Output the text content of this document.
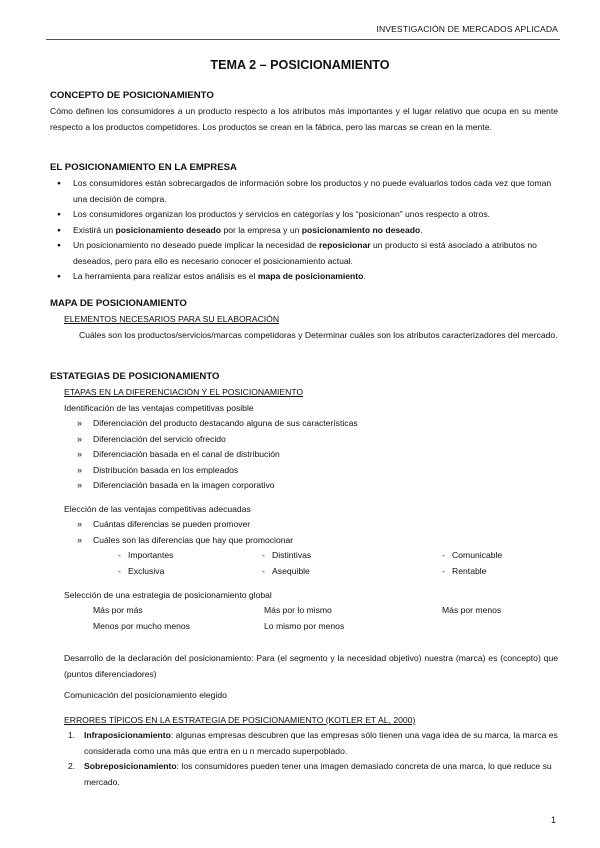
INVESTIGACIÓN DE MERCADOS APLICADA
TEMA 2 – POSICIONAMIENTO
CONCEPTO DE POSICIONAMIENTO
Cómo definen los consumidores a un producto respecto a los atributos más importantes y el lugar relativo que ocupa en su mente respecto a los productos competidores. Los productos se crean en la fábrica, pero las marcas se crean en la mente.
EL POSICIONAMIENTO EN LA EMPRESA
● Los consumidores están sobrecargados de información sobre los productos y no puede evaluarlos todos cada vez que toman una decisión de compra.
● Los consumidores organizan los productos y servicios en categorías y los “posicionan” unos respecto a otros.
● Existirá un posicionamiento deseado por la empresa y un posicionamiento no deseado.
● Un posicionamiento no deseado puede implicar la necesidad de reposicionar un producto si está asociado a atributos no deseados, pero para ello es necesario conocer el posicionamiento actual.
● La herramienta para realizar estos análisis es el mapa de posicionamiento.
MAPA DE POSICIONAMIENTO
ELEMENTOS NECESARIOS PARA SU ELABORACIÓN
Cuáles son los productos/servicios/marcas competidoras y Determinar cuáles son los atributos caracterizadores del mercado.
ESTATEGIAS DE POSICIONAMIENTO
ETAPAS EN LA DIFERENCIACIÓN Y EL POSICIONAMIENTO
Identificación de las ventajas competitivas posible
» Diferenciación del producto destacando alguna de sus características
» Diferenciación del servicio ofrecido
» Diferenciación basada en el canal de distribución
» Distribución basada en los empleados
» Diferenciación basada en la imagen corporativo
Elección de las ventajas competitivas adecuadas
» Cuántas diferencias se pueden promover
» Cuáles son las diferencias que hay que promocionar
- Importantes	- Distintivas	- Comunicable
- Exclusiva	- Asequible	- Rentable
Selección de una estrategia de posicionamiento global
Más por más	Más por lo mismo	Más por menos
Menos por mucho menos	Lo mismo por menos
Desarrollo de la declaración del posicionamiento: Para (el segmento y la necesidad objetivo) nuestra (marca) es (concepto) que (puntos diferenciadores)
Comunicación del posicionamiento elegido
ERRORES TÍPICOS EN LA ESTRATEGIA DE POSICIONAMIENTO (KOTLER ET AL, 2000)
1. Infraposicionamiento: algunas empresas descubren que las empresas sólo tienen una vaga idea de su marca, la marca es considerada como una más que entra en u n mercado superpoblado.
2. Sobreposicionamiento: los consumidores pueden tener una imagen demasiado concreta de una marca, lo que reduce su mercado.
1
